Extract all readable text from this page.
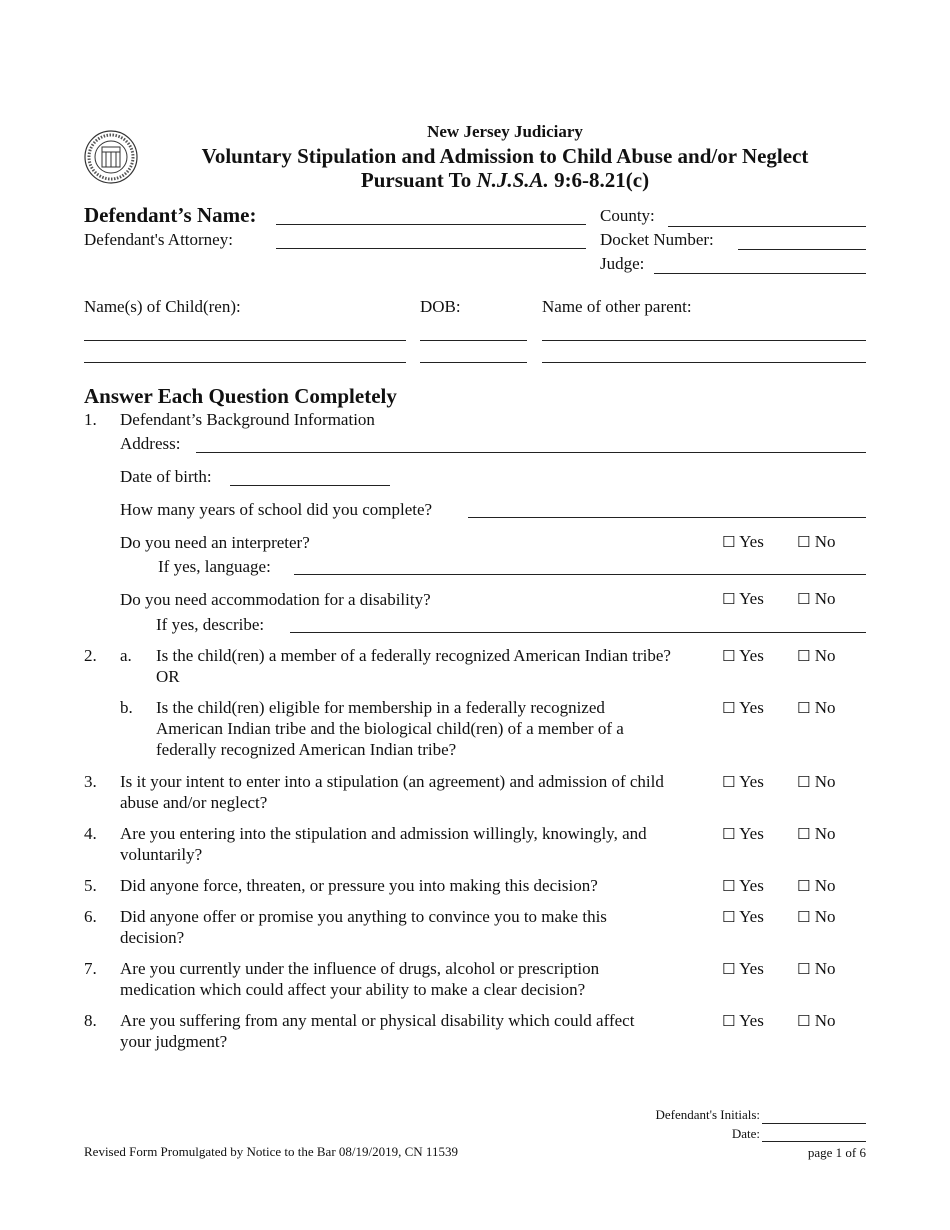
New Jersey Judiciary
Voluntary Stipulation and Admission to Child Abuse and/or Neglect
Pursuant To N.J.S.A. 9:6-8.21(c)
Defendant’s Name:
Defendant's Attorney:
County:
Docket Number:
Judge:
Name(s) of Child(ren):	DOB:	Name of other parent:
Answer Each Question Completely
1. Defendant’s Background Information
Address:
Date of birth:
How many years of school did you complete?
Do you need an interpreter?	☐ Yes ☐ No
If yes, language:
Do you need accommodation for a disability?	☐ Yes ☐ No
If yes, describe:
2. a. Is the child(ren) a member of a federally recognized American Indian tribe?
OR
☐ Yes ☐ No
b. Is the child(ren) eligible for membership in a federally recognized
American Indian tribe and the biological child(ren) of a member of a
federally recognized American Indian tribe?
☐ Yes ☐ No
3. Is it your intent to enter into a stipulation (an agreement) and admission of child
abuse and/or neglect?
☐ Yes ☐ No
4. Are you entering into the stipulation and admission willingly, knowingly, and
voluntarily?
☐ Yes ☐ No
5. Did anyone force, threaten, or pressure you into making this decision?	☐ Yes ☐ No
6. Did anyone offer or promise you anything to convince you to make this
decision?
☐ Yes ☐ No
7. Are you currently under the influence of drugs, alcohol or prescription
medication which could affect your ability to make a clear decision?
☐ Yes ☐ No
8. Are you suffering from any mental or physical disability which could affect
your judgment?
☐ Yes ☐ No
Defendant's Initials:
Date:
Revised Form Promulgated by Notice to the Bar 08/19/2019, CN 11539	page 1 of 6
